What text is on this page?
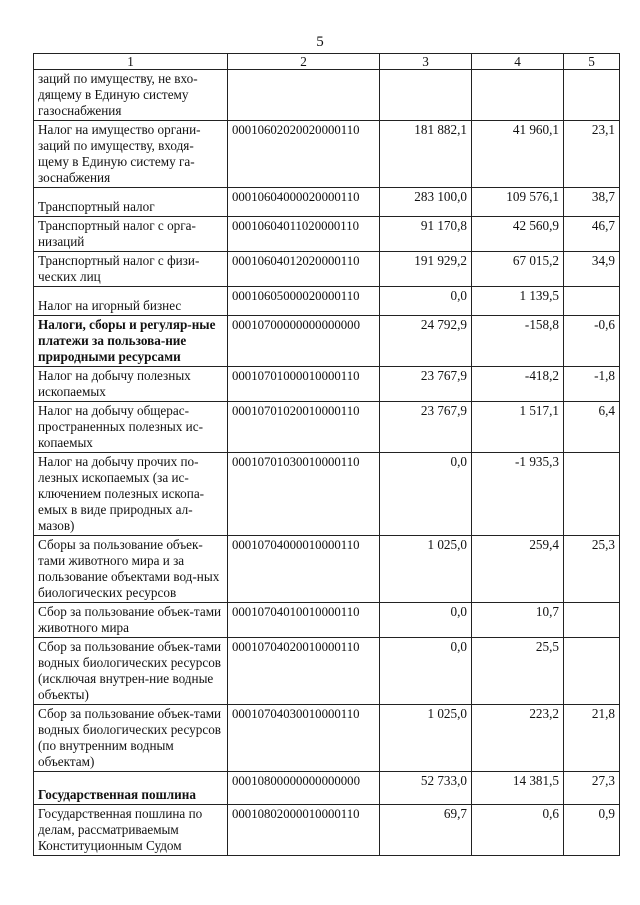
5
1	2	3	4	5
заций по имуществу, не вхо-дящему в Единую систему газоснабжения				
Налог на имущество органи-заций по имуществу, входя-щему в Единую систему га-зоснабжения	00010602020020000110	181 882,1	41 960,1	23,1
Транспортный налог	00010604000020000110	283 100,0	109 576,1	38,7
Транспортный налог с орга-низаций	00010604011020000110	91 170,8	42 560,9	46,7
Транспортный налог с физи-ческих лиц	00010604012020000110	191 929,2	67 015,2	34,9
Налог на игорный бизнес	00010605000020000110	0,0	1 139,5	
Налоги, сборы и регуляр-ные платежи за пользова-ние природными ресурсами	00010700000000000000	24 792,9	-158,8	-0,6
Налог на добычу полезных ископаемых	00010701000010000110	23 767,9	-418,2	-1,8
Налог на добычу общерас-пространенных полезных ис-копаемых	00010701020010000110	23 767,9	1 517,1	6,4
Налог на добычу прочих по-лезных ископаемых (за ис-ключением полезных ископа-емых в виде природных ал-мазов)	00010701030010000110	0,0	-1 935,3	
Сборы за пользование объек-тами животного мира и за пользование объектами вод-ных биологических ресурсов	00010704000010000110	1 025,0	259,4	25,3
Сбор за пользование объек-тами животного мира	00010704010010000110	0,0	10,7	
Сбор за пользование объек-тами водных биологических ресурсов (исключая внутрен-ние водные объекты)	00010704020010000110	0,0	25,5	
Сбор за пользование объек-тами водных биологических ресурсов (по внутренним водным объектам)	00010704030010000110	1 025,0	223,2	21,8
Государственная пошлина	00010800000000000000	52 733,0	14 381,5	27,3
Государственная пошлина по делам, рассматриваемым Конституционным Судом	00010802000010000110	69,7	0,6	0,9
